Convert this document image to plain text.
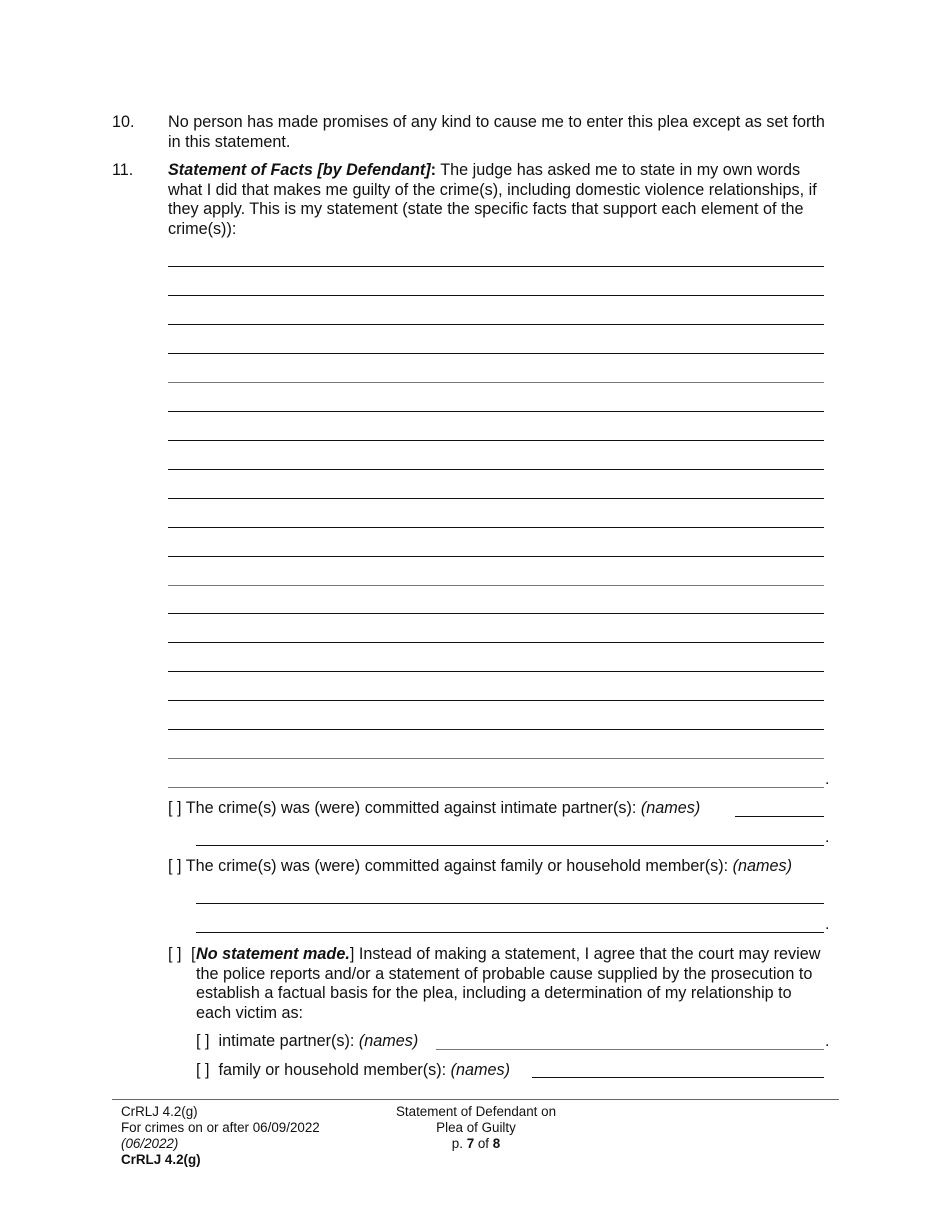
10. No person has made promises of any kind to cause me to enter this plea except as set forth in this statement.
11. Statement of Facts [by Defendant]: The judge has asked me to state in my own words what I did that makes me guilty of the crime(s), including domestic violence relationships, if they apply. This is my statement (state the specific facts that support each element of the crime(s)):
.
[ ] The crime(s) was (were) committed against intimate partner(s): (names)
.
[ ] The crime(s) was (were) committed against family or household member(s): (names)
.
[ ] [ No statement made.] Instead of making a statement, I agree that the court may review the police reports and/or a statement of probable cause supplied by the prosecution to establish a factual basis for the plea, including a determination of my relationship to each victim as:
[ ] intimate partner(s): (names)	.
[ ] family or household member(s): (names)
CrRLJ 4.2(g)
For crimes on or after 06/09/2022
(06/2022)
CrRLJ 4.2(g)
Statement of Defendant on
Plea of Guilty
p. 7 of 8
